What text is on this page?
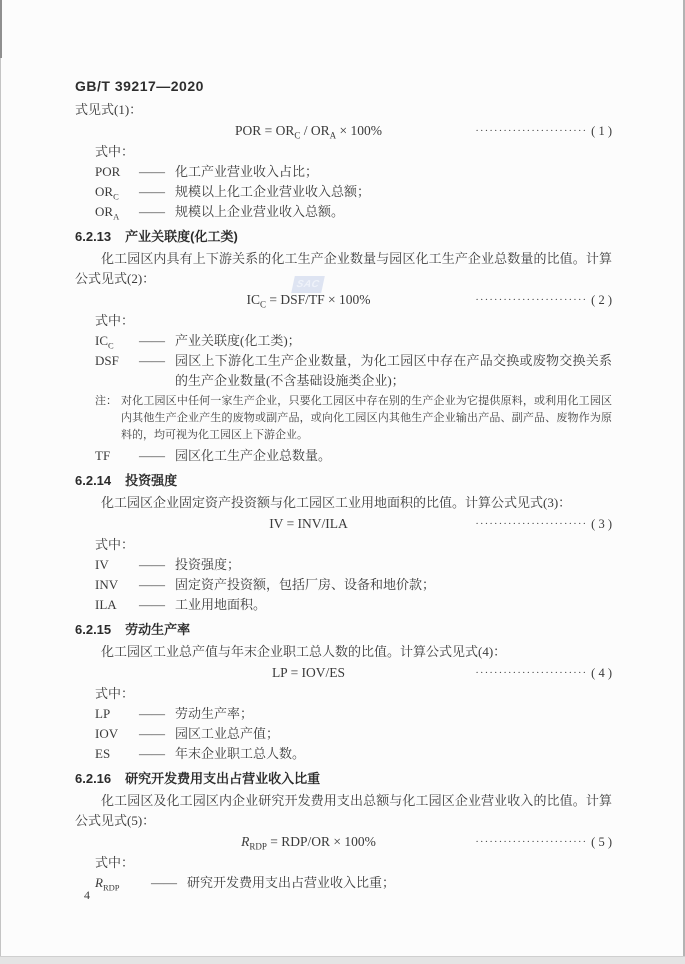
GB/T 39217—2020
SAC
式见式(1)：
POR = $OR_C / OR_A \times 100\%$	························ ( 1 )
式中：
POR	—— 化工产业营业收入占比；
$OR_C$	—— 规模以上化工企业营业收入总额；
$OR_A$	—— 规模以上企业营业收入总额。
6.2.13 产业关联度(化工类)
化工园区内具有上下游关系的化工生产企业数量与园区化工生产企业总数量的比值。计算公式见式(2)：
$IC_C = DSF/TF \times 100\%$	························ ( 2 )
式中：
$IC_C$	—— 产业关联度(化工类)；
DSF	—— 园区上下游化工生产企业数量，为化工园区中存在产品交换或废物交换关系的生产企业数量(不含基础设施类企业)；
注： 对化工园区中任何一家生产企业，只要化工园区中存在别的生产企业为它提供原料，或利用化工园区内其他生产企业产生的废物或副产品，或向化工园区内其他生产企业输出产品、副产品、废物作为原料的，均可视为化工园区上下游企业。
TF	—— 园区化工生产企业总数量。
6.2.14 投资强度
化工园区企业固定资产投资额与化工园区工业用地面积的比值。计算公式见式(3)：
IV = INV/ILA	························ ( 3 )
式中：
IV	—— 投资强度；
INV	—— 固定资产投资额，包括厂房、设备和地价款；
ILA	—— 工业用地面积。
6.2.15 劳动生产率
化工园区工业总产值与年末企业职工总人数的比值。计算公式见式(4)：
LP = IOV/ES	························ ( 4 )
式中：
LP	—— 劳动生产率；
IOV	—— 园区工业总产值；
ES	—— 年末企业职工总人数。
6.2.16 研究开发费用支出占营业收入比重
化工园区及化工园区内企业研究开发费用支出总额与化工园区企业营业收入的比值。计算公式见式(5)：
$R_{RDP} = RDP/OR \times 100\%$	························ ( 5 )
式中：
$R_{RDP}$	—— 研究开发费用支出占营业收入比重；
4
